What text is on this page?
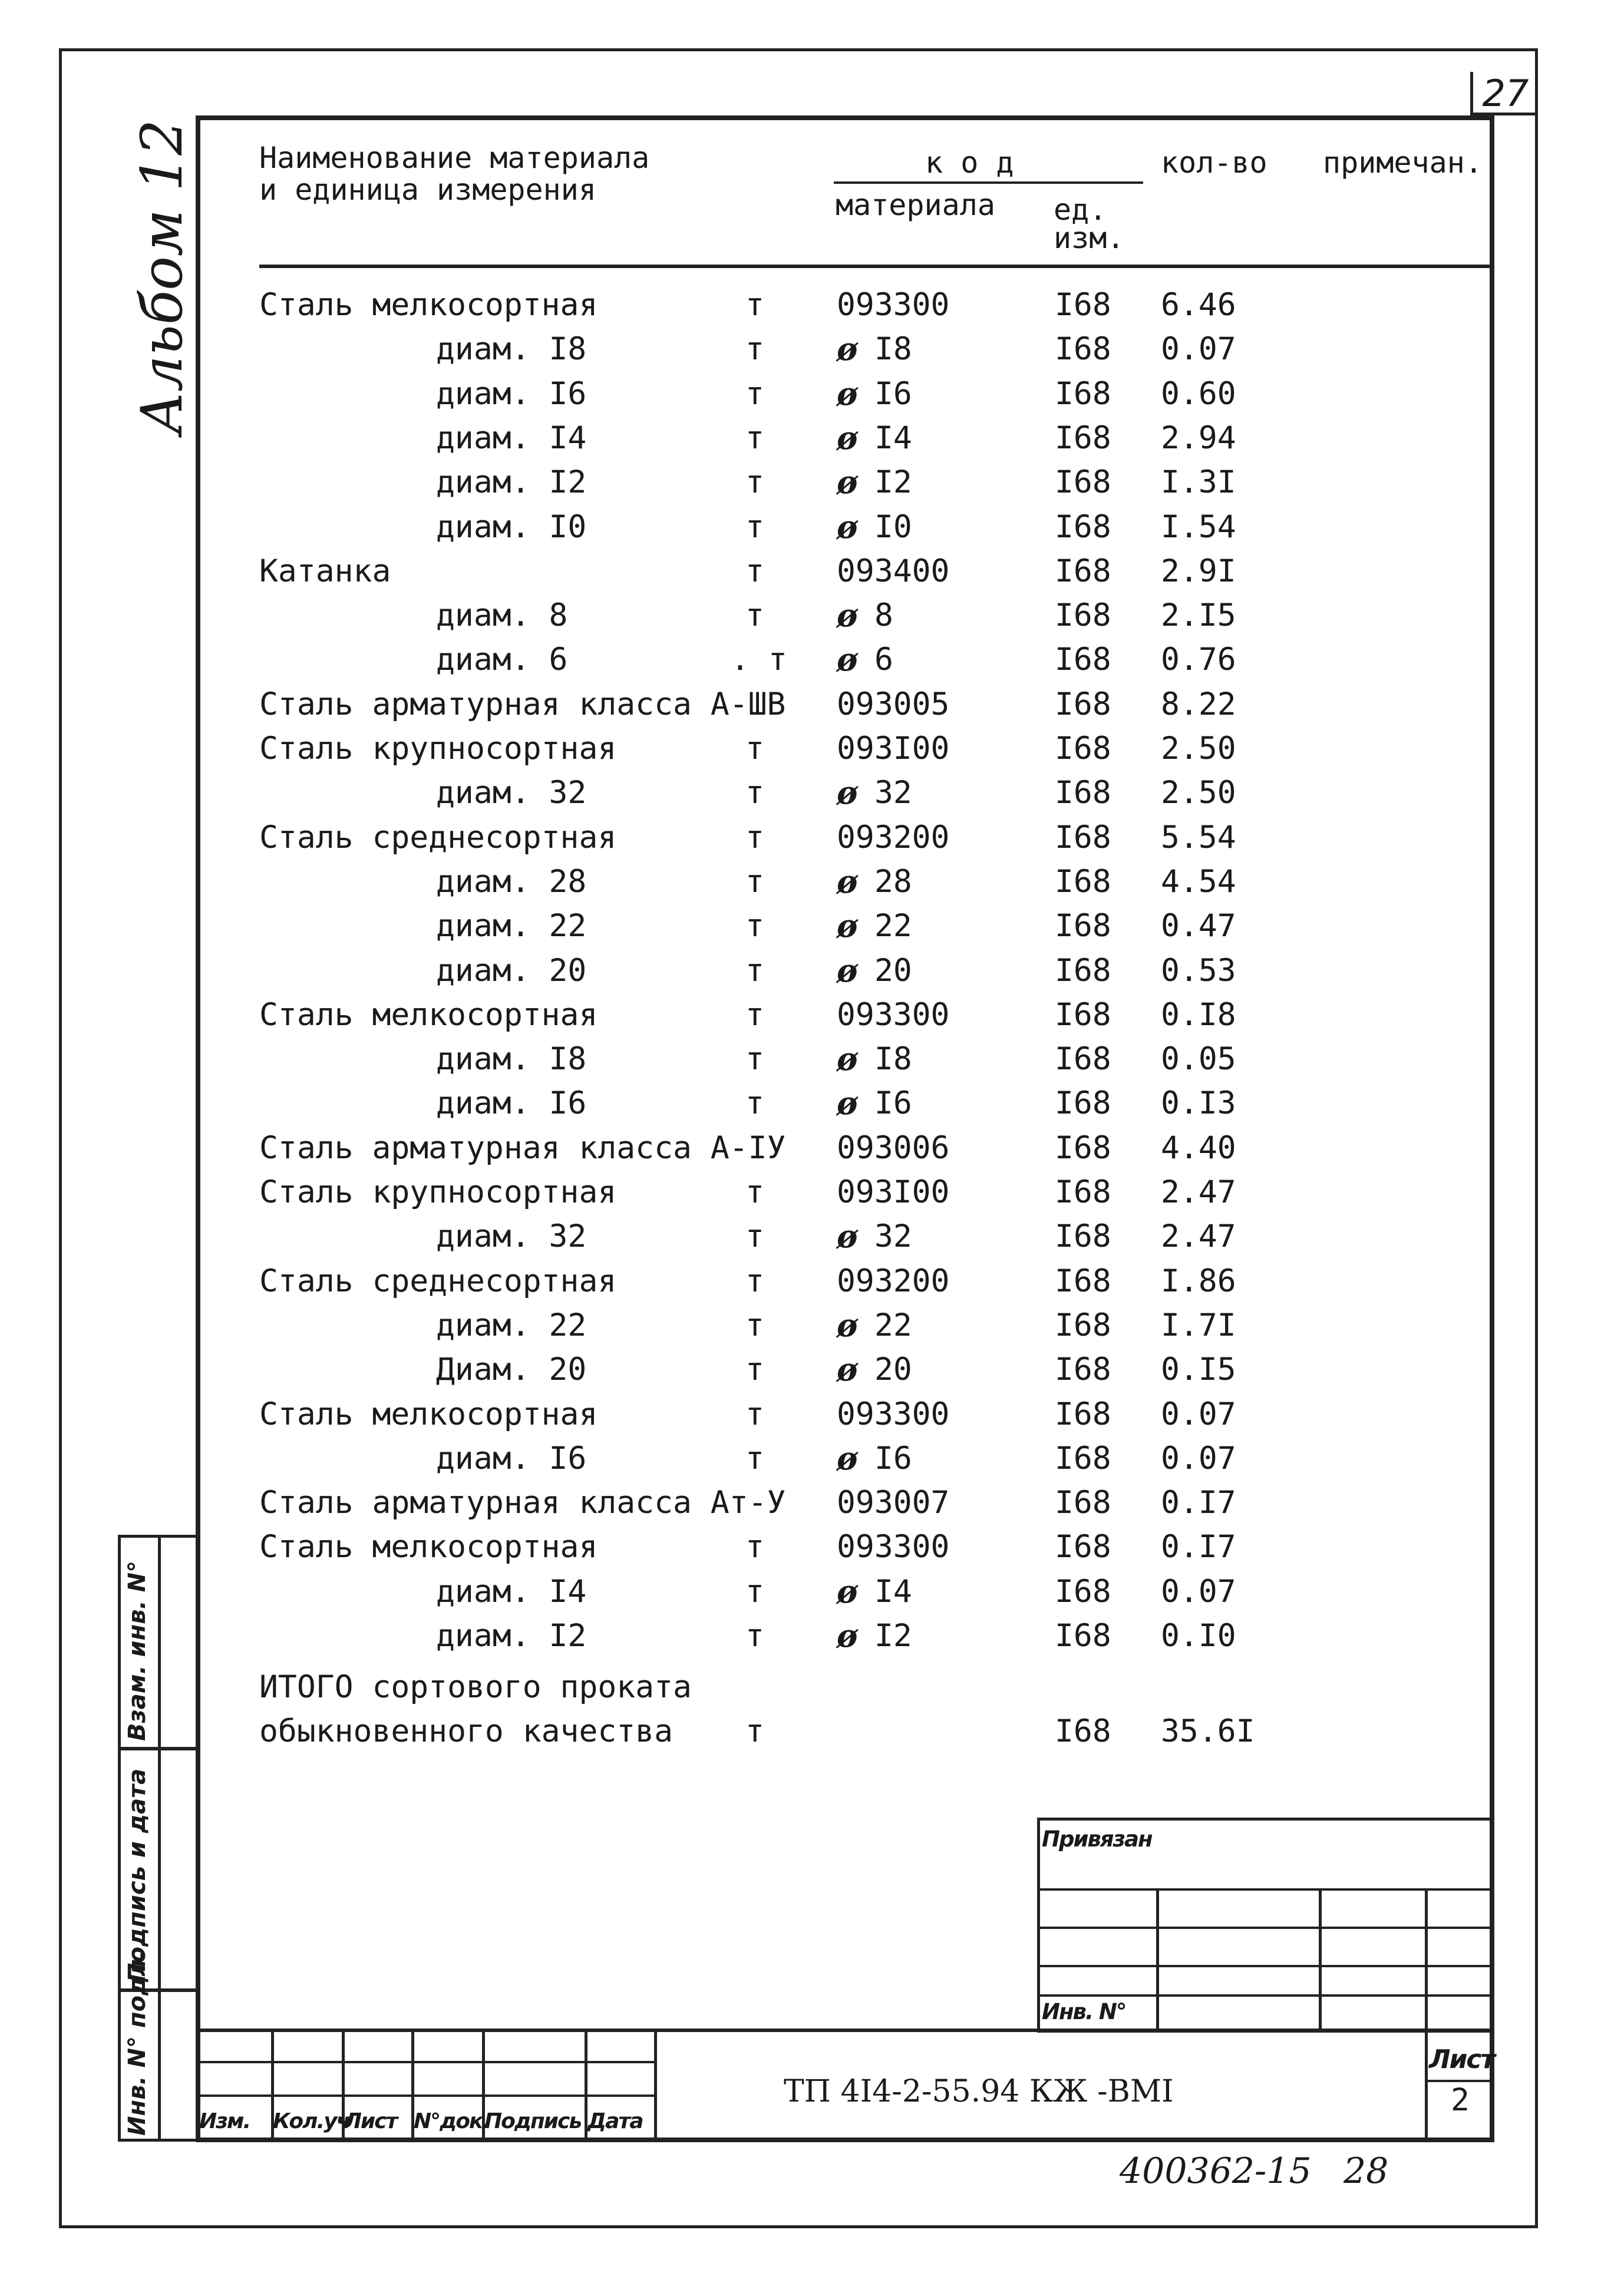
27
Альбом 12 Наименование материала
и единица измерения
к о д	кол-во примечан.
материала ед.
изм.
Сталь мелкосортная	т 093300	I68 6.46
диам. I8	т ø I8	I68 0.07
диам. I6	т ø I6	I68 0.60
диам. I4	т ø I4	I68 2.94
диам. I2	т ø I2	I68 I.3I
диам. I0	т ø I0	I68 I.54
Катанка	т 093400	I68 2.9I
диам. 8	т ø 8	I68 2.I5
диам. 6	. т ø 6	I68 0.76
Сталь арматурная класса А-ШВ 093005	I68 8.22
Сталь крупносортная	т 093I00	I68 2.50
диам. 32	т ø 32	I68 2.50
Сталь среднесортная	т 093200	I68 5.54
диам. 28	т ø 28	I68 4.54
диам. 22	т ø 22	I68 0.47
диам. 20	т ø 20	I68 0.53
Сталь мелкосортная	т 093300	I68 0.I8
диам. I8	т ø I8	I68 0.05
диам. I6	т ø I6	I68 0.I3
Сталь арматурная класса А-IУ 093006	I68 4.40
Сталь крупносортная	т 093I00	I68 2.47
диам. 32	т ø 32	I68 2.47
Сталь среднесортная	т 093200	I68 I.86
диам. 22	т ø 22	I68 I.7I
Диам. 20	т ø 20	I68 0.I5
Сталь мелкосортная	т 093300	I68 0.07
диам. I6	т ø I6	I68 0.07
Сталь арматурная класса Ат-У 093007	I68 0.I7
Сталь мелкосортная	т 093300	I68 0.I7
диам. I4	т ø I4	I68 0.07
диам. I2	т ø I2	I68 0.I0
ИТОГО сортового проката
обыкновенного качества т	I68 35.6I
Привязан
Инв. N°
Инв. N° подл.
Подпись и дата
Взам. инв. N°
Изм. Кол.уч
Лист N°док.
Подпись Дата
ТП 4I4-2-55.94 КЖ -ВМI
Лист
2
400362-15 28
